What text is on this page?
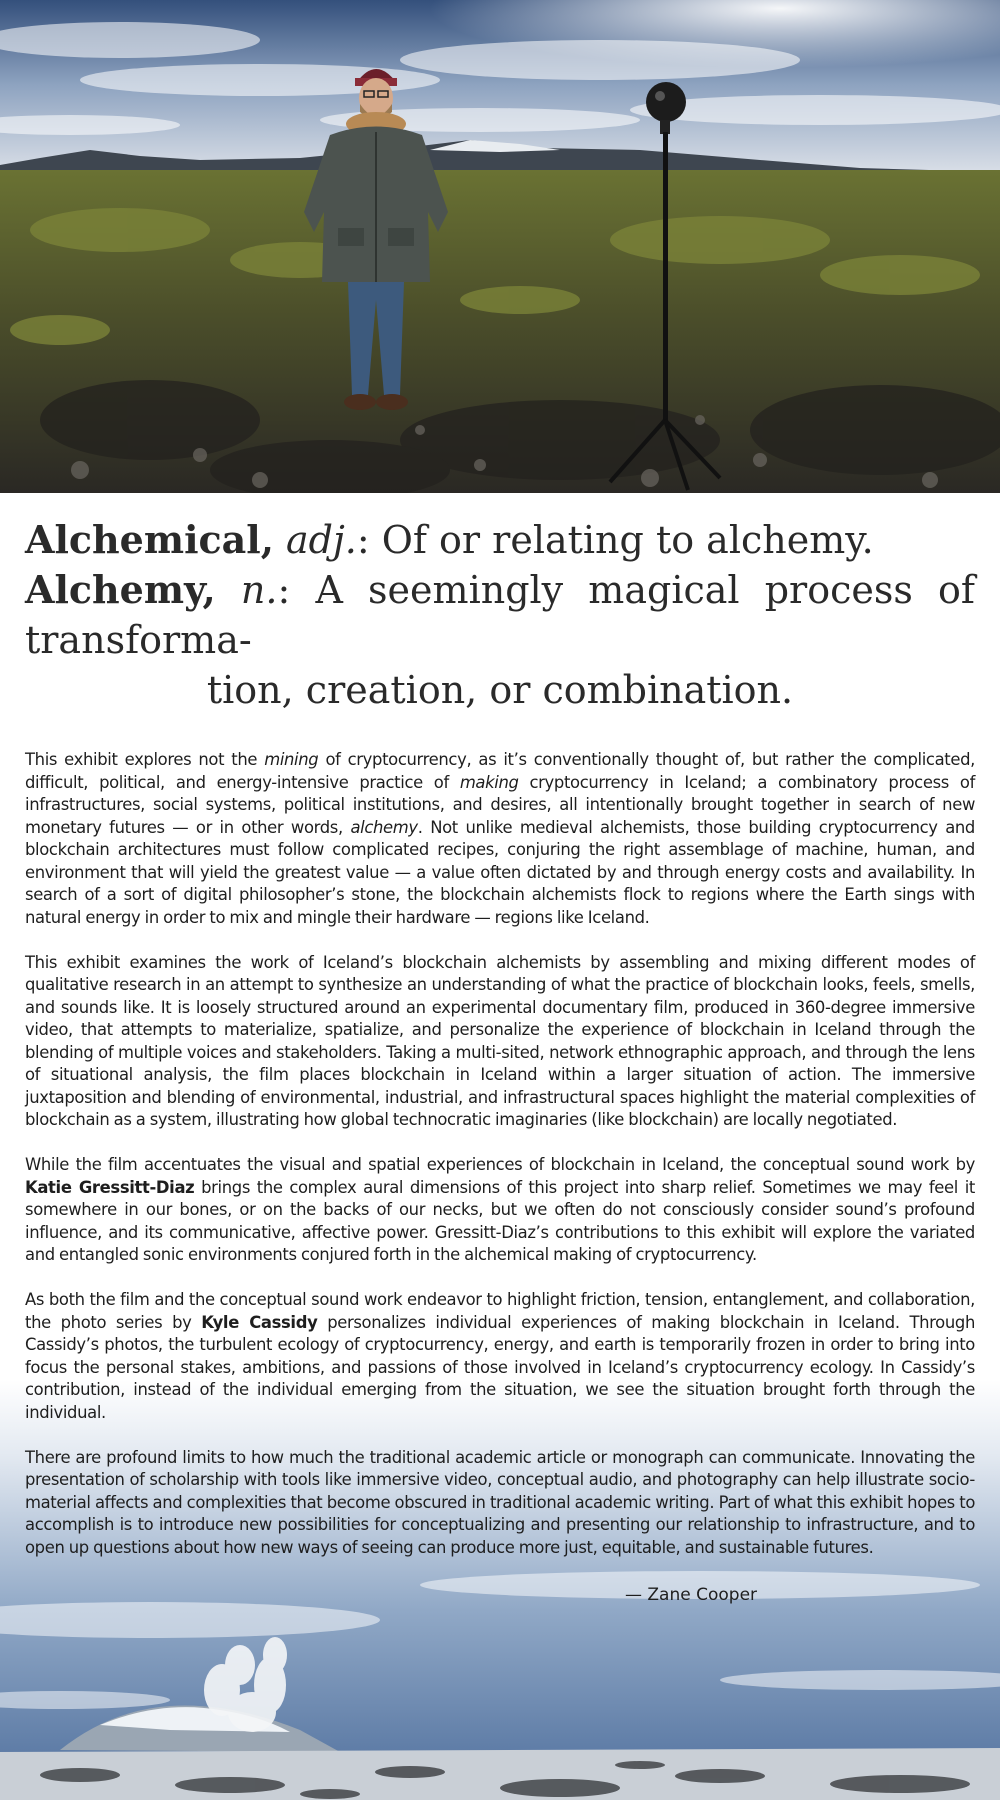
Alchemical, adj.: Of or relating to alchemy.
Alchemy, n.: A seemingly magical process of transforma-
tion, creation, or combination.

This exhibit explores not the mining of cryptocurrency, as it’s conventionally thought of, but rather the complicated, difficult, political, and energy-intensive practice of making cryptocurrency in Iceland; a combinatory process of infrastructures, social systems, political institutions, and desires, all intentionally brought together in search of new monetary futures — or in other words, alchemy. Not unlike medieval alchemists, those building cryptocurrency and blockchain architectures must follow complicated recipes, conjuring the right assemblage of machine, human, and environment that will yield the greatest value — a value often dictated by and through energy costs and availability. In search of a sort of digital philosopher’s stone, the blockchain alchemists flock to regions where the Earth sings with natural energy in order to mix and mingle their hardware — regions like Iceland.

This exhibit examines the work of Iceland’s blockchain alchemists by assembling and mixing different modes of qualitative research in an attempt to synthesize an understanding of what the practice of blockchain looks, feels, smells, and sounds like. It is loosely structured around an experimental documentary film, produced in 360-degree immersive video, that attempts to materialize, spatialize, and personalize the experience of blockchain in Iceland through the blending of multiple voices and stakeholders. Taking a multi-sited, network ethnographic approach, and through the lens of situational analysis, the film places blockchain in Iceland within a larger situation of action. The immersive juxtaposition and blending of environmental, industrial, and infrastructural spaces highlight the material complexities of blockchain as a system, illustrating how global technocratic imaginaries (like blockchain) are locally negotiated.

While the film accentuates the visual and spatial experiences of blockchain in Iceland, the conceptual sound work by Katie Gressitt-Diaz brings the complex aural dimensions of this project into sharp relief. Sometimes we may feel it somewhere in our bones, or on the backs of our necks, but we often do not consciously consider sound’s profound influence, and its communicative, affective power. Gressitt-Diaz’s contributions to this exhibit will explore the variated and entangled sonic environments conjured forth in the alchemical making of cryptocurrency.

As both the film and the conceptual sound work endeavor to highlight friction, tension, entanglement, and collaboration, the photo series by Kyle Cassidy personalizes individual experiences of making blockchain in Iceland. Through Cassidy’s photos, the turbulent ecology of cryptocurrency, energy, and earth is temporarily frozen in order to bring into focus the personal stakes, ambitions, and passions of those involved in Iceland’s cryptocurrency ecology. In Cassidy’s contribution, instead of the individual emerging from the situation, we see the situation brought forth through the individual.

There are profound limits to how much the traditional academic article or monograph can communicate. Innovating the presentation of scholarship with tools like immersive video, conceptual audio, and photography can help illustrate socio-material affects and complexities that become obscured in traditional academic writing. Part of what this exhibit hopes to accomplish is to introduce new possibilities for conceptualizing and presenting our relationship to infrastructure, and to open up questions about how new ways of seeing can produce more just, equitable, and sustainable futures.

— Zane Cooper
